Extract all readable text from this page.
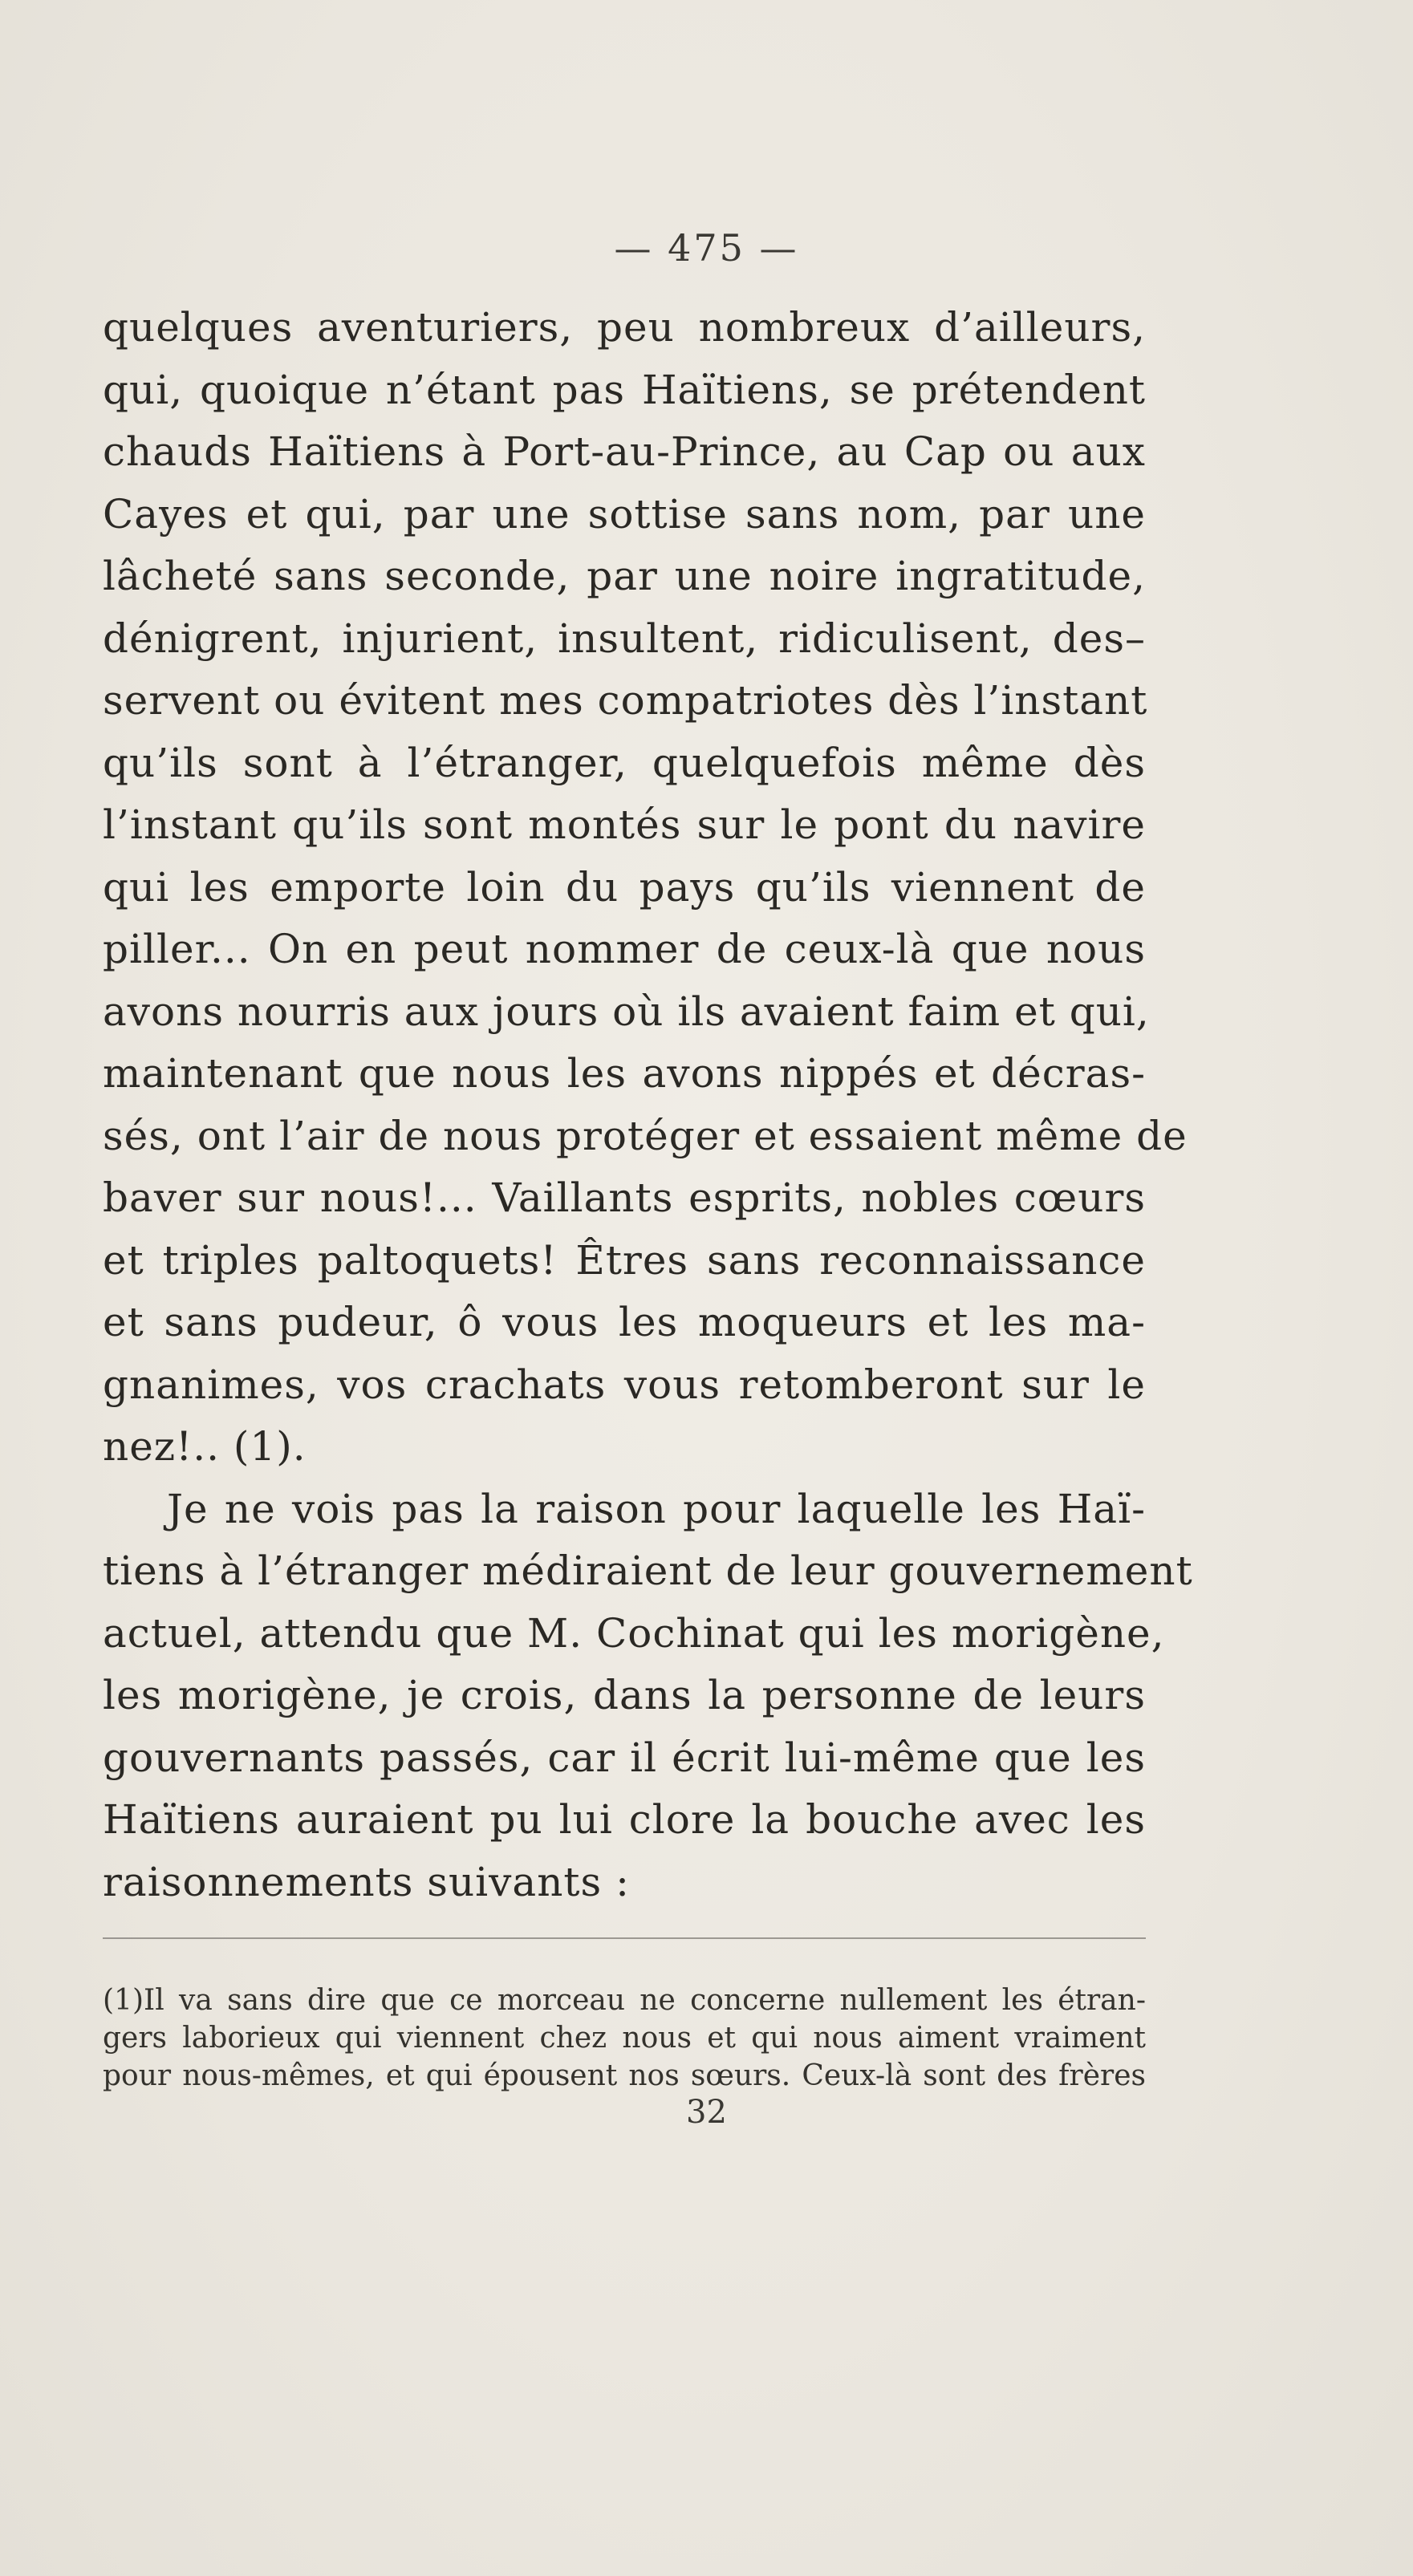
— 475 —
quelques aventuriers, peu nombreux d’ailleurs,
qui, quoique n’étant pas Haïtiens, se prétendent
chauds Haïtiens à Port-au-Prince, au Cap ou aux
Cayes et qui, par une sottise sans nom, par une
lâcheté sans seconde, par une noire ingratitude,
dénigrent, injurient, insultent, ridiculisent, des–
servent ou évitent mes compatriotes dès l’instant
qu’ils sont à l’étranger, quelquefois même dès
l’instant qu’ils sont montés sur le pont du navire
qui les emporte loin du pays qu’ils viennent de
piller... On en peut nommer de ceux-là que nous
avons nourris aux jours où ils avaient faim et qui,
maintenant que nous les avons nippés et décras-
sés, ont l’air de nous protéger et essaient même de
baver sur nous!... Vaillants esprits, nobles cœurs
et triples paltoquets! Êtres sans reconnaissance
et sans pudeur, ô vous les moqueurs et les ma-
gnanimes, vos crachats vous retomberont sur le
nez!.. (1).
Je ne vois pas la raison pour laquelle les Haï-
tiens à l’étranger médiraient de leur gouvernement
actuel, attendu que M. Cochinat qui les morigène,
les morigène, je crois, dans la personne de leurs
gouvernants passés, car il écrit lui-même que les
Haïtiens auraient pu lui clore la bouche avec les
raisonnements suivants :
(1)Il va sans dire que ce morceau ne concerne nullement les étran-
gers laborieux qui viennent chez nous et qui nous aiment vraiment
pour nous-mêmes, et qui épousent nos sœurs. Ceux-là sont des frères
32
